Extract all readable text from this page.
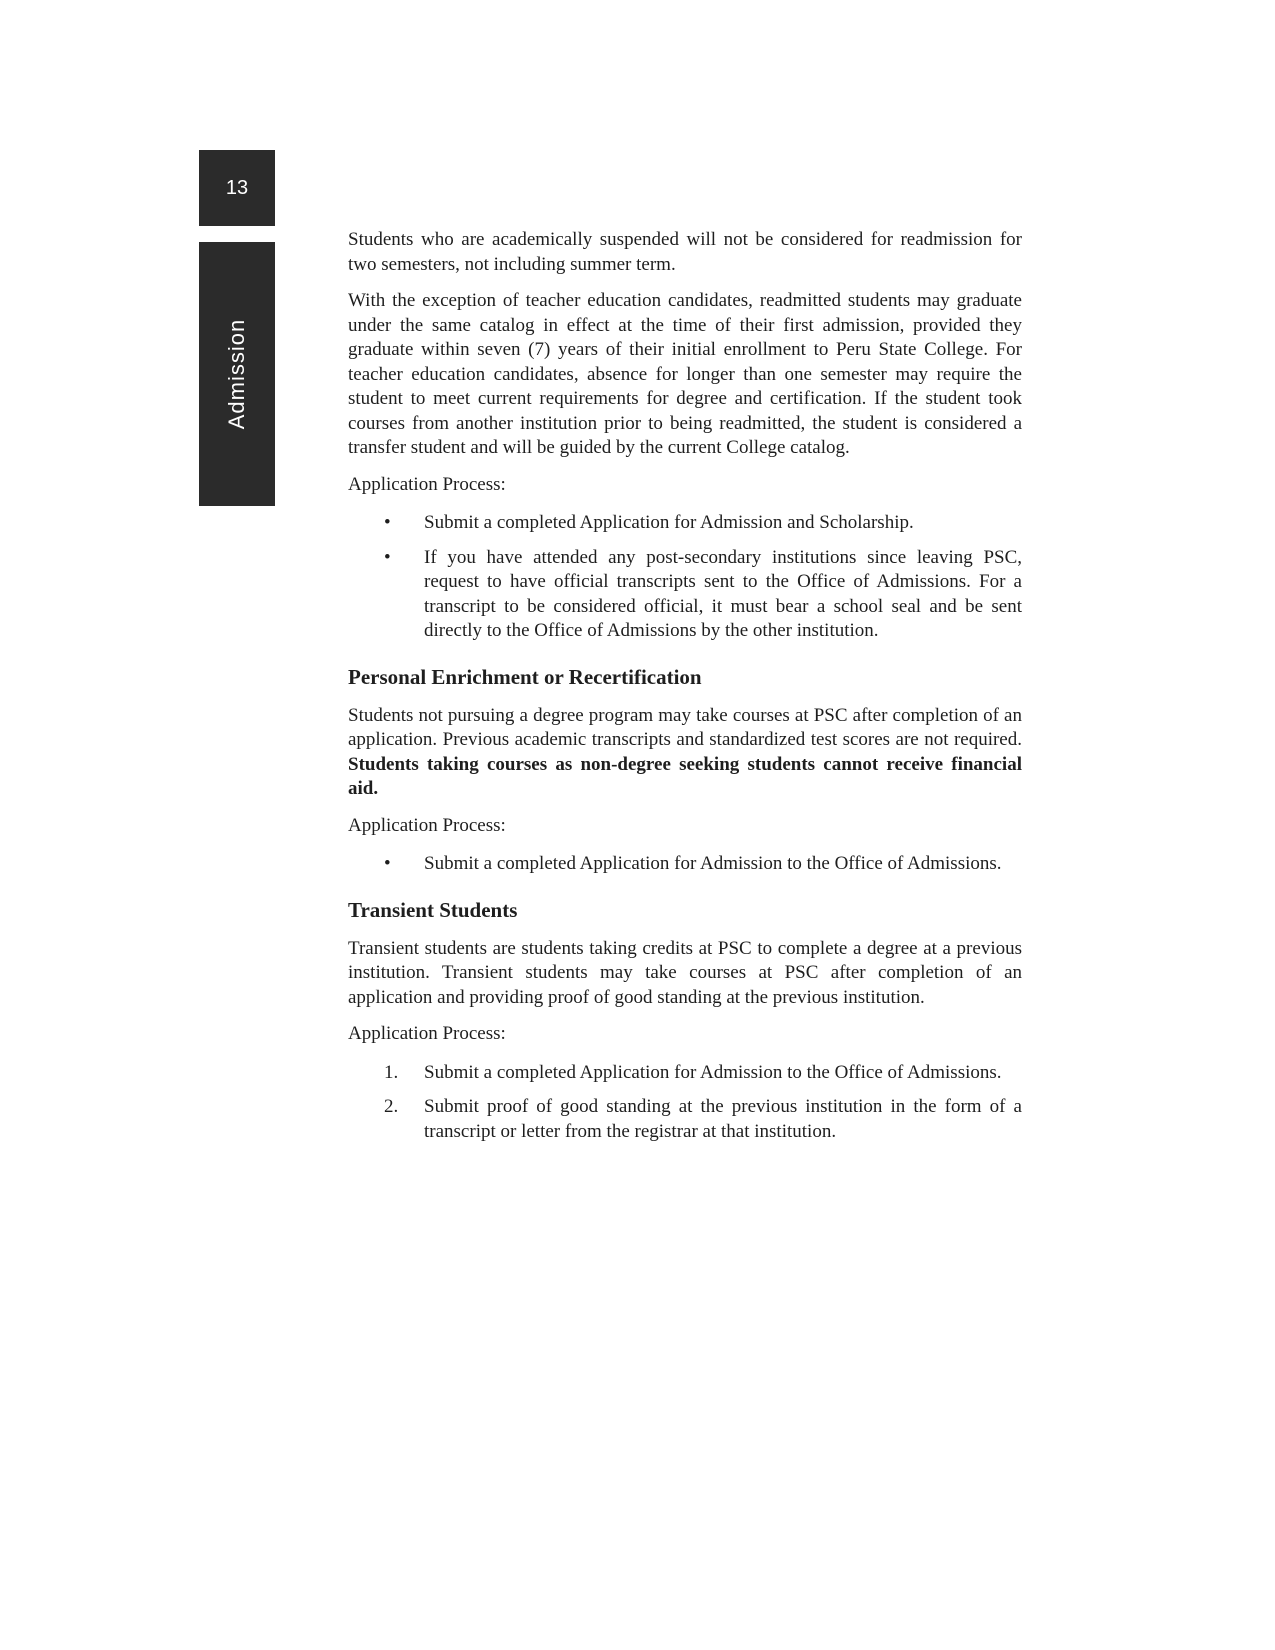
13
Admission

Students who are academically suspended will not be considered for readmission for two semesters, not including summer term.

With the exception of teacher education candidates, readmitted students may graduate under the same catalog in effect at the time of their first admission, provided they graduate within seven (7) years of their initial enrollment to Peru State College. For teacher education candidates, absence for longer than one semester may require the student to meet current requirements for degree and certification. If the student took courses from another institution prior to being readmitted, the student is considered a transfer student and will be guided by the current College catalog.

Application Process:

•	Submit a completed Application for Admission and Scholarship.
•	If you have attended any post-secondary institutions since leaving PSC, request to have official transcripts sent to the Office of Admissions. For a transcript to be considered official, it must bear a school seal and be sent directly to the Office of Admissions by the other institution.
Personal Enrichment or Recertification

Students not pursuing a degree program may take courses at PSC after completion of an application. Previous academic transcripts and standardized test scores are not required. Students taking courses as non-degree seeking students cannot receive financial aid.

Application Process:

•	Submit a completed Application for Admission to the Office of Admissions.
Transient Students

Transient students are students taking credits at PSC to complete a degree at a previous institution. Transient students may take courses at PSC after completion of an application and providing proof of good standing at the previous institution.

Application Process:

1.	Submit a completed Application for Admission to the Office of Admissions.
2.	Submit proof of good standing at the previous institution in the form of a transcript or letter from the registrar at that institution.
